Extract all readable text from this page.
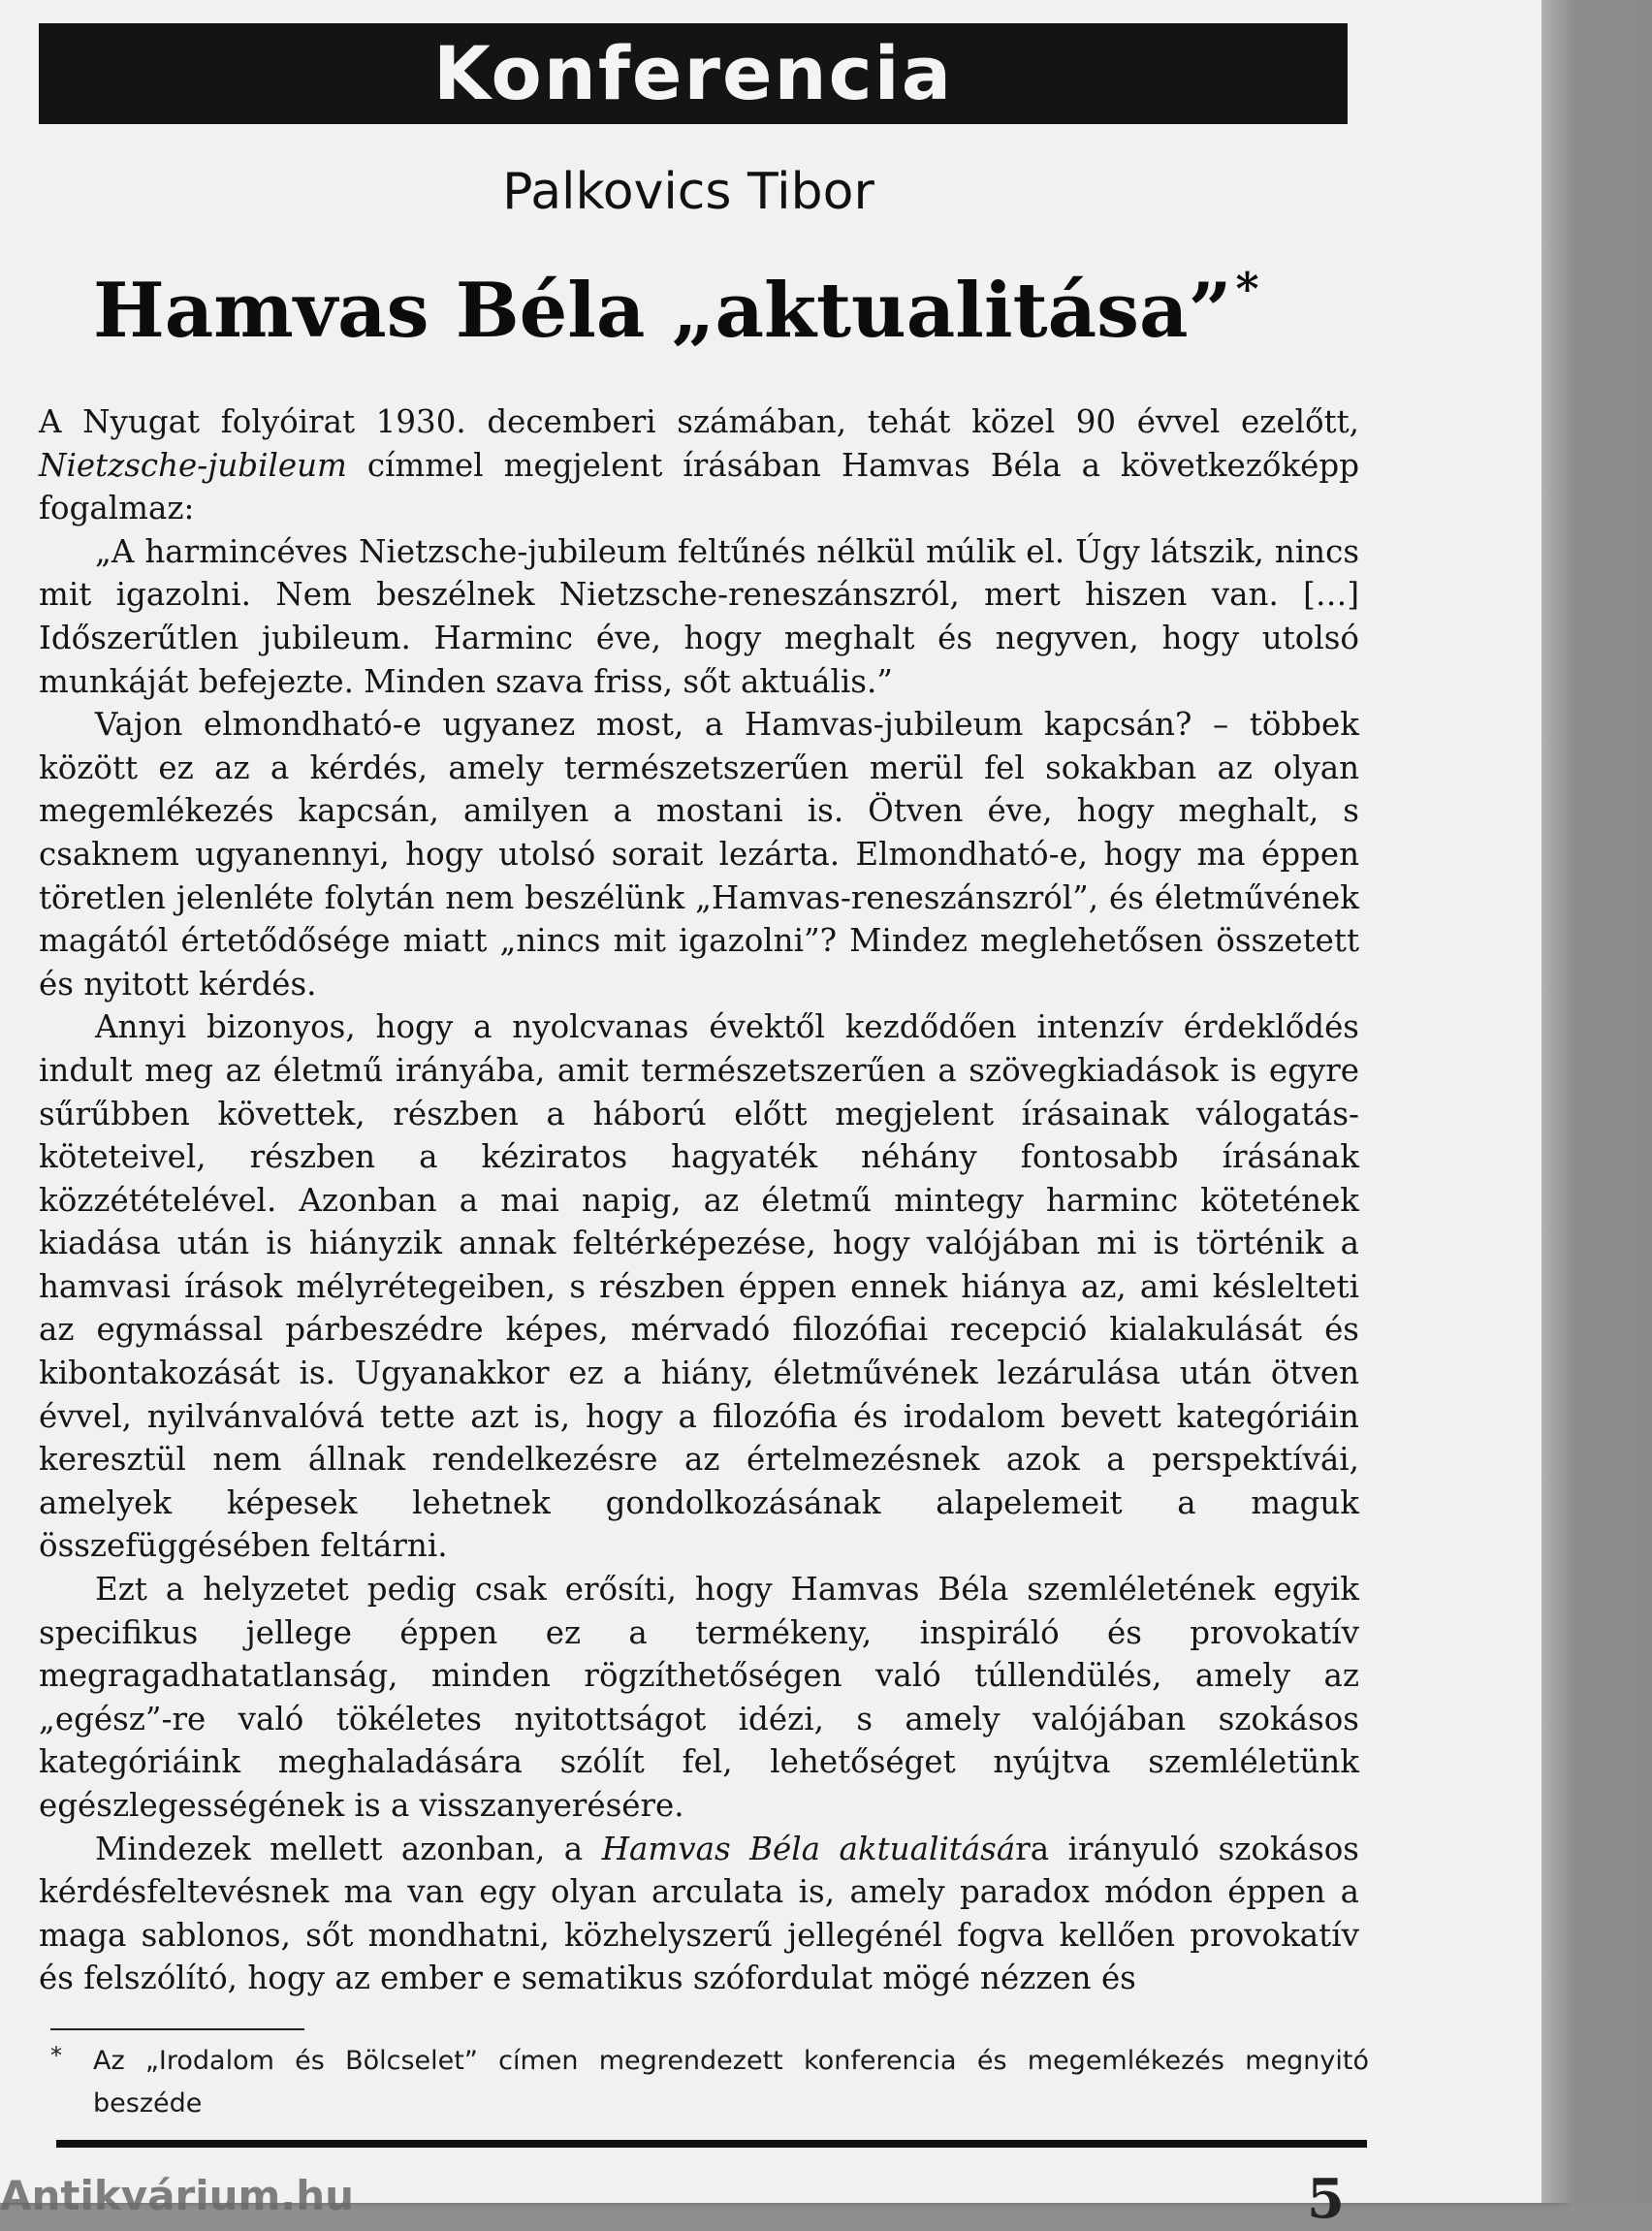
Konferencia
Palkovics Tibor
Hamvas Béla „aktualitása”*

A Nyugat folyóirat 1930. decemberi számában, tehát közel 90 évvel ezelőtt, Nietzsche-jubileum címmel megjelent írásában Hamvas Béla a következőképp fogalmaz:

„A harmincéves Nietzsche-jubileum feltűnés nélkül múlik el. Úgy látszik, nincs mit igazolni. Nem beszélnek Nietzsche-reneszánszról, mert hiszen van. […] Időszerűtlen jubileum. Harminc éve, hogy meghalt és negyven, hogy utolsó munkáját befejezte. Minden szava friss, sőt aktuális.”

Vajon elmondható-e ugyanez most, a Hamvas-jubileum kapcsán? – többek között ez az a kérdés, amely természetszerűen merül fel sokakban az olyan megemlékezés kapcsán, amilyen a mostani is. Ötven éve, hogy meghalt, s csaknem ugyanennyi, hogy utolsó sorait lezárta. Elmondható-e, hogy ma éppen töretlen jelenléte folytán nem beszélünk „Hamvas-reneszánszról”, és életművének magától értetődősége miatt „nincs mit igazolni”? Mindez meglehetősen összetett és nyitott kérdés.

Annyi bizonyos, hogy a nyolcvanas évektől kezdődően intenzív érdeklődés indult meg az életmű irányába, amit természetszerűen a szövegkiadások is egyre sűrűbben követtek, részben a háború előtt megjelent írásainak válogatás-köteteivel, részben a kéziratos hagyaték néhány fontosabb írásának közzétételével. Azonban a mai napig, az életmű mintegy harminc kötetének kiadása után is hiányzik annak feltérképezése, hogy valójában mi is történik a hamvasi írások mélyrétegeiben, s részben éppen ennek hiánya az, ami késlelteti az egymással párbeszédre képes, mérvadó filozófiai recepció kialakulását és kibontakozását is. Ugyanakkor ez a hiány, életművének lezárulása után ötven évvel, nyilvánvalóvá tette azt is, hogy a filozófia és irodalom bevett kategóriáin keresztül nem állnak rendelkezésre az értelmezésnek azok a perspektívái, amelyek képesek lehetnek gondolkozásának alapelemeit a maguk összefüggésében feltárni.

Ezt a helyzetet pedig csak erősíti, hogy Hamvas Béla szemléletének egyik specifikus jellege éppen ez a termékeny, inspiráló és provokatív megragadhatatlanság, minden rögzíthetőségen való túllendülés, amely az „egész”-re való tökéletes nyitottságot idézi, s amely valójában szokásos kategóriáink meghaladására szólít fel, lehetőséget nyújtva szemléletünk egészlegességének is a visszanyerésére.

Mindezek mellett azonban, a Hamvas Béla aktualitására irányuló szokásos kérdésfeltevésnek ma van egy olyan arculata is, amely paradox módon éppen a maga sablonos, sőt mondhatni, közhelyszerű jellegénél fogva kellően provokatív és felszólító, hogy az ember e sematikus szófordulat mögé nézzen és

*	Az „Irodalom és Bölcselet” címen megrendezett konferencia és megemlékezés megnyitó beszéde
5
Antikvárium.hu
